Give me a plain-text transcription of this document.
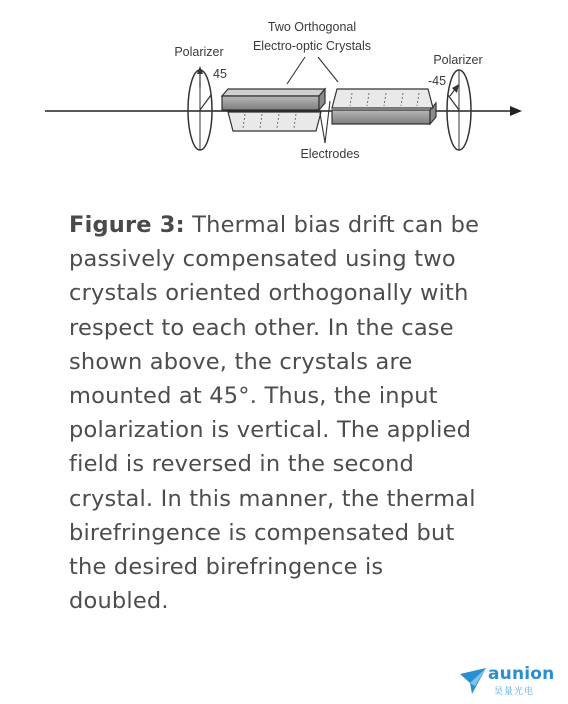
Two Orthogonal
Electro-optic Crystals
Polarizer
45
Polarizer
-45
Electrodes

Figure 3: Thermal bias drift can be passively compensated using two crystals oriented orthogonally with respect to each other. In the case shown above, the crystals are mounted at 45°. Thus, the input polarization is vertical. The applied field is reversed in the second crystal. In this manner, the thermal birefringence is compensated but the desired birefringence is doubled.

aunion
昊量光电
